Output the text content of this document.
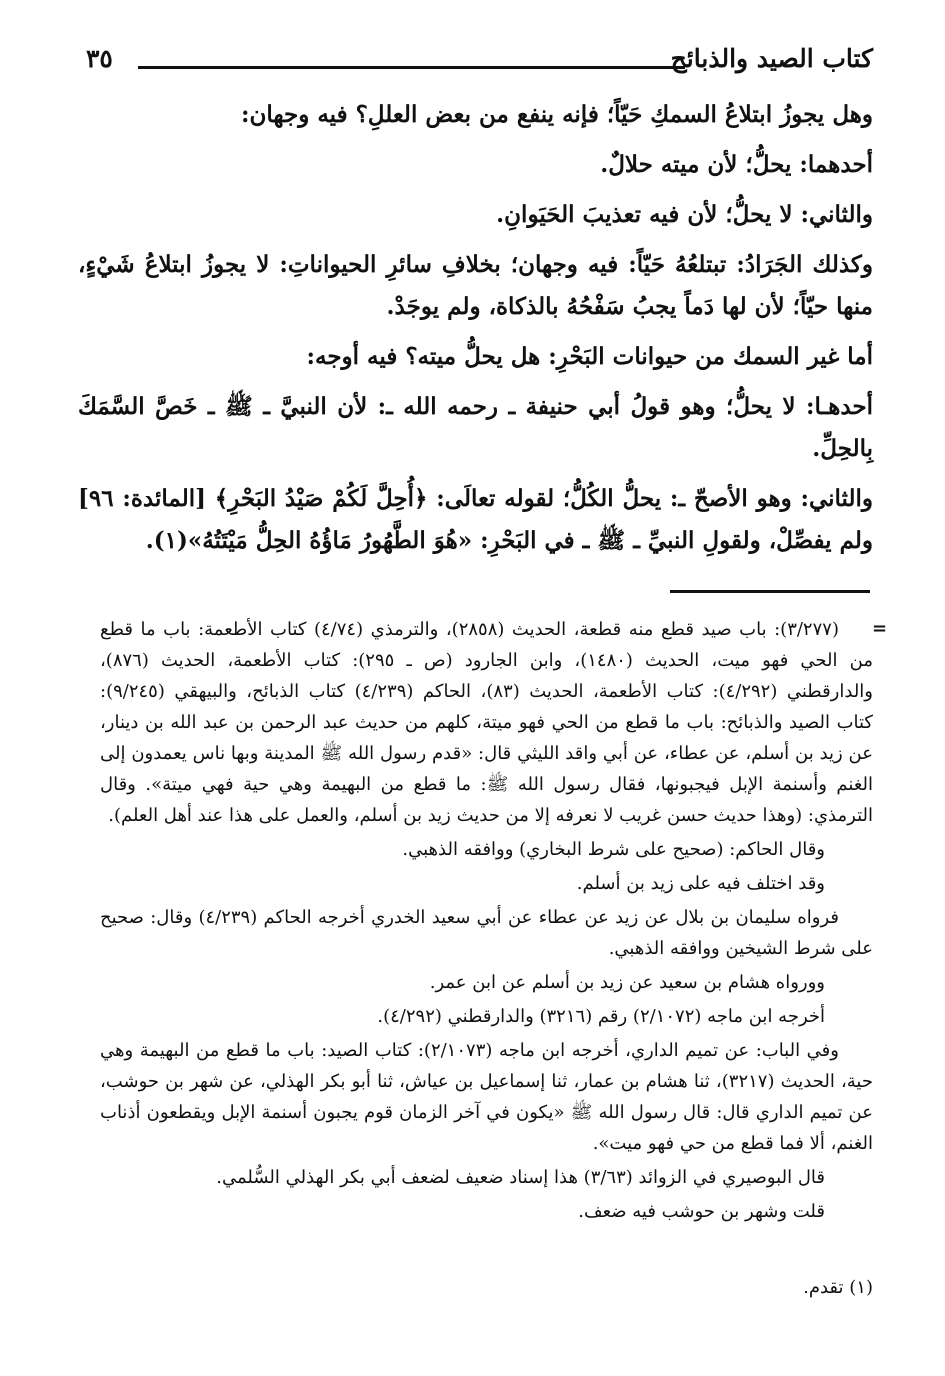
كتاب الصيد والذبائح
٣٥

وهل يجوزُ ابتلاعُ السمكِ حَيّاً؛ فإنه ينفع من بعض العللِ؟ فيه وجهان:

أحدهما: يحلُّ؛ لأن ميته حلالٌ.

والثاني: لا يحلُّ؛ لأن فيه تعذيبَ الحَيَوانِ.

وكذلك الجَرَادُ: تبتلعُهُ حَيّاً: فيه وجهان؛ بخلافِ سائرِ الحيواناتِ: لا يجوزُ ابتلاعُ شَيْءٍ، منها حيّاً؛ لأن لها دَماً يجبُ سَفْحُهُ بالذكاة، ولم يوجَدْ.

أما غير السمك من حيوانات البَحْرِ: هل يحلُّ ميته؟ فيه أوجه:

أحدهـا: لا يحلُّ؛ وهو قولُ أبي حنيفة ـ رحمه الله ـ: لأن النبيَّ ـ ﷺ ـ خَصَّ السَّمَكَ بِالحِلِّ.

والثاني: وهو الأصحّ ـ: يحلُّ الكُلُّ؛ لقوله تعالَى: ﴿أُحِلَّ لَكُمْ صَيْدُ البَحْرِ﴾ [المائدة: ٩٦] ولم يفصِّلْ، ولقولِ النبيِّ ـ ﷺ ـ في البَحْرِ: «هُوَ الطَّهُورُ مَاؤُهُ الحِلُّ مَيْتَتُهُ»(١).

=

(٣/٢٧٧): باب صيد قطع منه قطعة، الحديث (٢٨٥٨)، والترمذي (٤/٧٤) كتاب الأطعمة: باب ما قطع من الحي فهو ميت، الحديث (١٤٨٠)، وابن الجارود (ص ـ ٢٩٥): كتاب الأطعمة، الحديث (٨٧٦)، والدارقطني (٤/٢٩٢): كتاب الأطعمة، الحديث (٨٣)، الحاكم (٤/٢٣٩) كتاب الذبائح، والبيهقي (٩/٢٤٥): كتاب الصيد والذبائح: باب ما قطع من الحي فهو ميتة، كلهم من حديث عبد الرحمن بن عبد الله بن دينار، عن زيد بن أسلم، عن عطاء، عن أبي واقد الليثي قال: «قدم رسول الله ﷺ المدينة وبها ناس يعمدون إلى الغنم وأسنمة الإبل فيجبونها، فقال رسول الله ﷺ: ما قطع من البهيمة وهي حية فهي ميتة». وقال الترمذي: (وهذا حديث حسن غريب لا نعرفه إلا من حديث زيد بن أسلم، والعمل على هذا عند أهل العلم).

وقال الحاكم: (صحيح على شرط البخاري) ووافقه الذهبي.

وقد اختلف فيه على زيد بن أسلم.

فرواه سليمان بن بلال عن زيد عن عطاء عن أبي سعيد الخدري أخرجه الحاكم (٤/٢٣٩) وقال: صحيح على شرط الشيخين ووافقه الذهبي.

وورواه هشام بن سعيد عن زيد بن أسلم عن ابن عمر.

أخرجه ابن ماجه (٢/١٠٧٢) رقم (٣٢١٦) والدارقطني (٤/٢٩٢).

وفي الباب: عن تميم الداري، أخرجه ابن ماجه (٢/١٠٧٣): كتاب الصيد: باب ما قطع من البهيمة وهي حية، الحديث (٣٢١٧)، ثنا هشام بن عمار، ثنا إسماعيل بن عياش، ثنا أبو بكر الهذلي، عن شهر بن حوشب، عن تميم الداري قال: قال رسول الله ﷺ «يكون في آخر الزمان قوم يجبون أسنمة الإبل ويقطعون أذناب الغنم، ألا فما قطع من حي فهو ميت».

قال البوصيري في الزوائد (٣/٦٣) هذا إسناد ضعيف لضعف أبي بكر الهذلي السُّلمي.

قلت وشهر بن حوشب فيه ضعف.

(١) تقدم.
